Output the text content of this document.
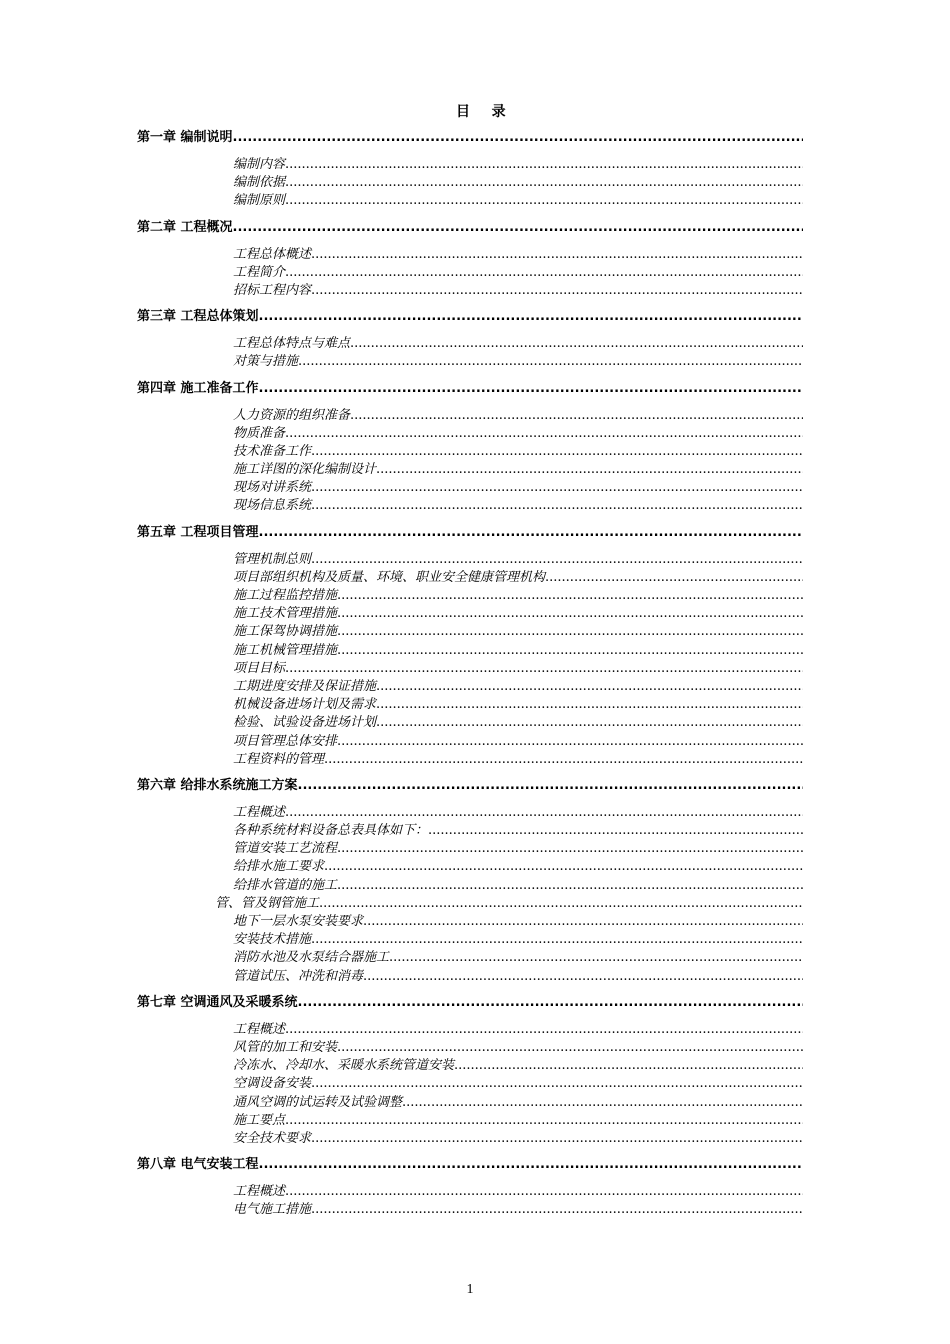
目 录
第一章 编制说明
.....
编制内容
.....
编制依据
.....
编制原则
.....
第二章 工程概况
.....
工程总体概述
.....
工程简介
.....
招标工程内容
.....
第三章 工程总体策划
.....
工程总体特点与难点
.....
对策与措施
.....
第四章 施工准备工作
.....
人力资源的组织准备
.....
物质准备
.....
技术准备工作
.....
施工详图的深化编制设计
.....
现场对讲系统
.....
现场信息系统
.....
第五章 工程项目管理
.....
管理机制总则
.....
项目部组织机构及质量、环境、职业安全健康管理机构
.....
施工过程监控措施
.....
施工技术管理措施
.....
施工保驾协调措施
.....
施工机械管理措施
.....
项目目标
.....
工期进度安排及保证措施
.....
机械设备进场计划及需求
.....
检验、试验设备进场计划
.....
项目管理总体安排
.....
工程资料的管理
.....
第六章 给排水系统施工方案
.....
工程概述
.....
各种系统材料设备总表具体如下：
.....
管道安装工艺流程
.....
给排水施工要求
.....
给排水管道的施工
.....
管、管及钢管施工
.....
地下一层水泵安装要求
.....
安装技术措施
.....
消防水池及水泵结合器施工
.....
管道试压、冲洗和消毒
.....
第七章 空调通风及采暖系统
.....
工程概述
.....
风管的加工和安装
.....
冷冻水、冷却水、采暖水系统管道安装
.....
空调设备安装
.....
通风空调的试运转及试验调整
.....
施工要点
.....
安全技术要求
.....
第八章 电气安装工程
.....
工程概述
.....
电气施工措施
.....
1
